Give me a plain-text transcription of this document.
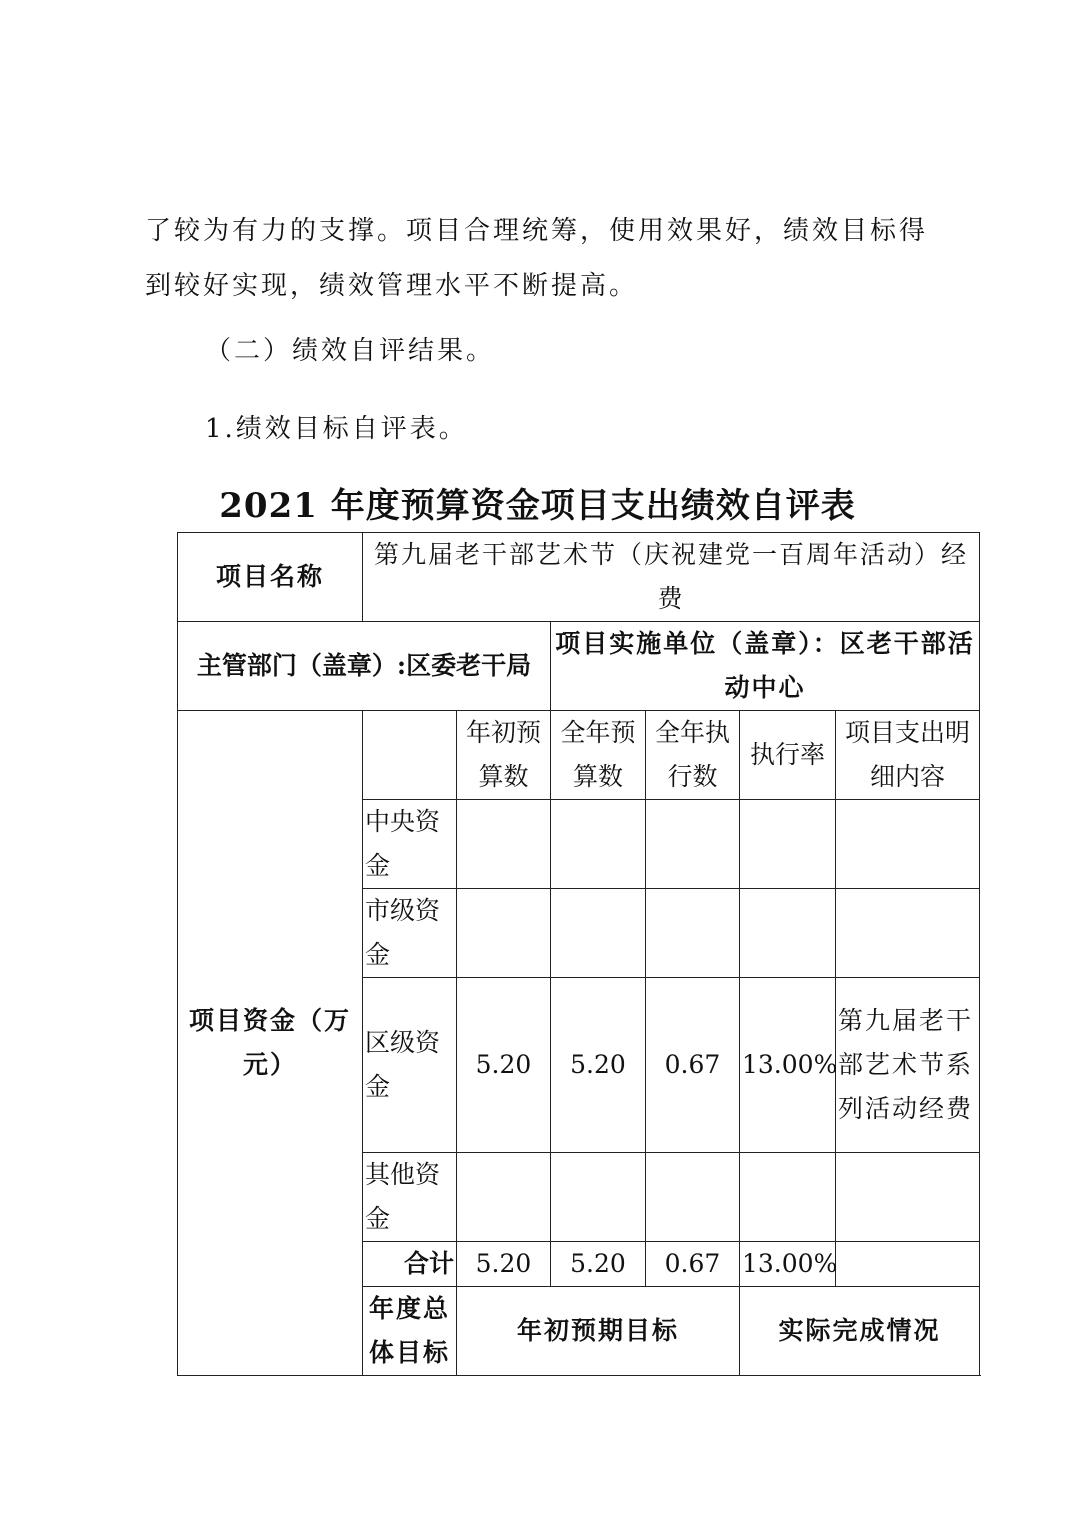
了较为有力的支撑。项目合理统筹，使用效果好，绩效目标得
到较好实现，绩效管理水平不断提高。
（二）绩效自评结果。
1.绩效目标自评表。
2021 年度预算资金项目支出绩效自评表
项目名称	第九届老干部艺术节（庆祝建党一百周年活动）经费					
主管部门（盖章）:区委老干局			项目实施单位（盖章）：区老干部活动中心			
项目资金（万元）		年初预算数	全年预算数	全年执行数	执行率	项目支出明细内容
	中央资金					
	市级资金					
	区级资金	5.20	5.20	0.67	13.00%	第九届老干部艺术节系列活动经费
	其他资金					
	合计	5.20	5.20	0.67	13.00%	
	年度总体目标	年初预期目标			实际完成情况	
